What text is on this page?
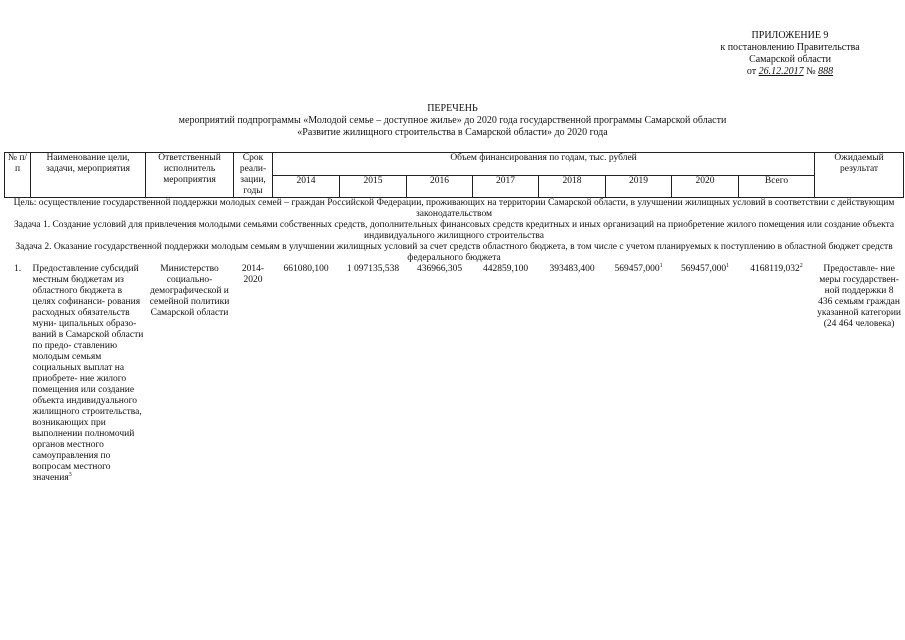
ПРИЛОЖЕНИЕ 9
к постановлению Правительства
Самарской области
от 26.12.2017 № 888
ПЕРЕЧЕНЬ
мероприятий подпрограммы «Молодой семье – доступное жилье» до 2020 года государственной программы Самарской области
«Развитие жилищного строительства в Самарской области» до 2020 года
№ п/п	Наименование цели, задачи, мероприятия	Ответственный исполнитель мероприятия	Срок реали- зации, годы	Объем финансирования по годам, тыс. рублей								Ожидаемый результат
				2014	2015	2016	2017	2018	2019	2020	Всего	
Цель: осуществление государственной поддержки молодых семей – граждан Российской Федерации, проживающих на территории Самарской области, в улучшении жилищных условий в соответствии с действующим законодательством												
Задача 1. Создание условий для привлечения молодыми семьями собственных средств, дополнительных финансовых средств кредитных и иных организаций на приобретение жилого помещения или создание объекта индивидуального жилищного строительства												
Задача 2. Оказание государственной поддержки молодым семьям в улучшении жилищных условий за счет средств областного бюджета, в том числе с учетом планируемых к поступлению в областной бюджет средств федерального бюджета												
1.	Предоставление субсидий местным бюджетам из областного бюджета в целях софинанси- рования расходных обязательств муни- ципальных образо- ваний в Самарской области по предо- ставлению молодым семьям социальных выплат на приобрете- ние жилого помещения или создание объекта индивидуального жилищного строительства, возникающих при выполнении полномочий органов местного самоуправления по вопросам местного значения$^3$	Министерство социально- демографической и семейной политики Самарской области	2014- 2020	661080,100	1 097135,538	436966,305	442859,100	393483,400	569457,000$^1$	569457,000$^1$	4168119,032$^2$	Предоставле- ние меры государствен- ной поддержки 8 436 семьям граждан указанной категории (24 464 человека)
